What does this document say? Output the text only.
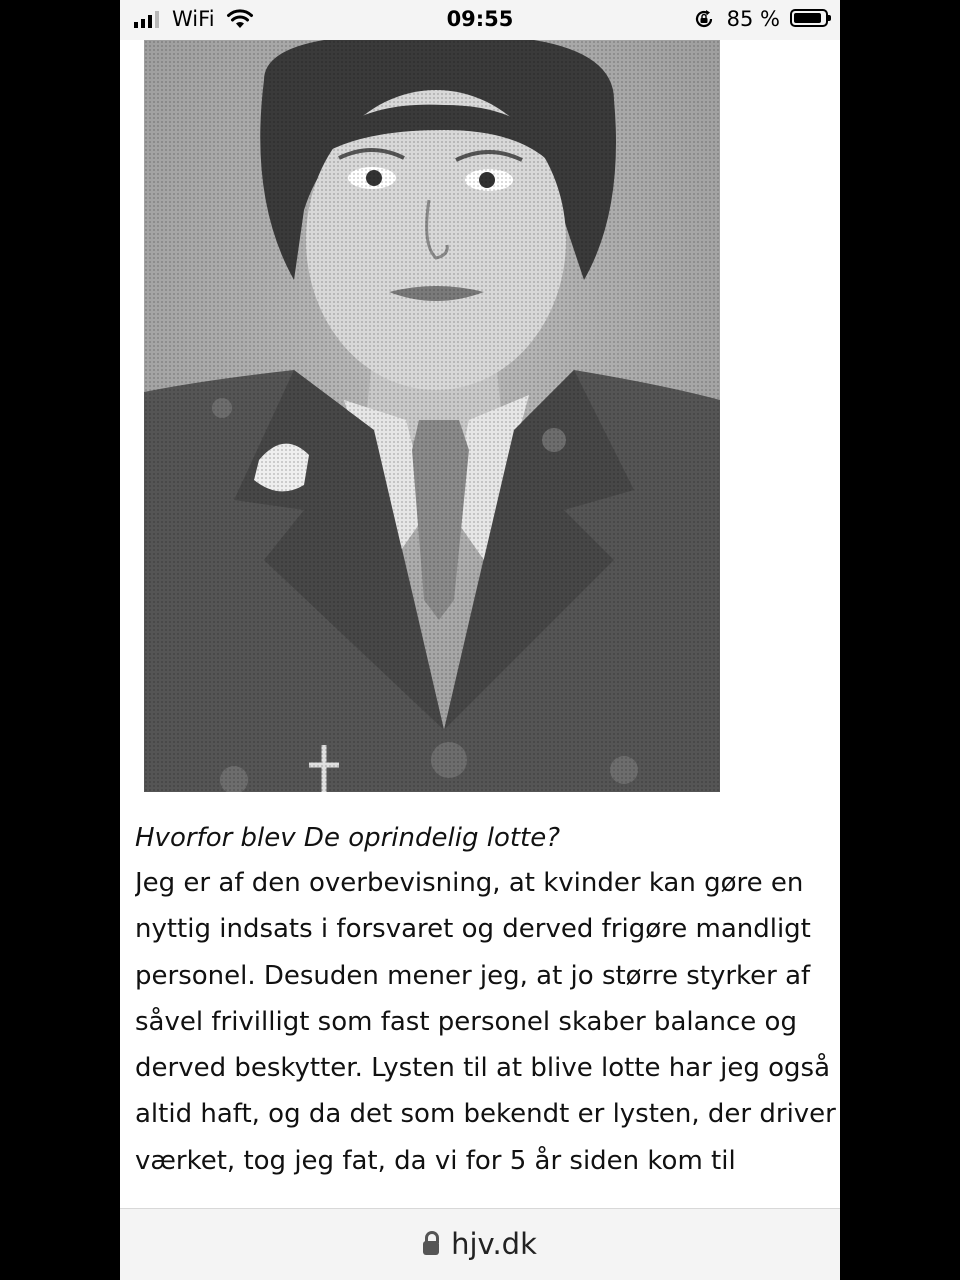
WiFi	09:55	85 %
Hvorfor blev De oprindelig lotte?
Jeg er af den overbevisning, at kvinder kan gøre en nyttig indsats i forsvaret og derved frigøre mandligt personel. Desuden mener jeg, at jo større styrker af såvel frivilligt som fast personel skaber balance og derved beskytter. Lysten til at blive lotte har jeg også altid haft, og da det som bekendt er lysten, der driver værket, tog jeg fat, da vi for 5 år siden kom til
hjv.dk
